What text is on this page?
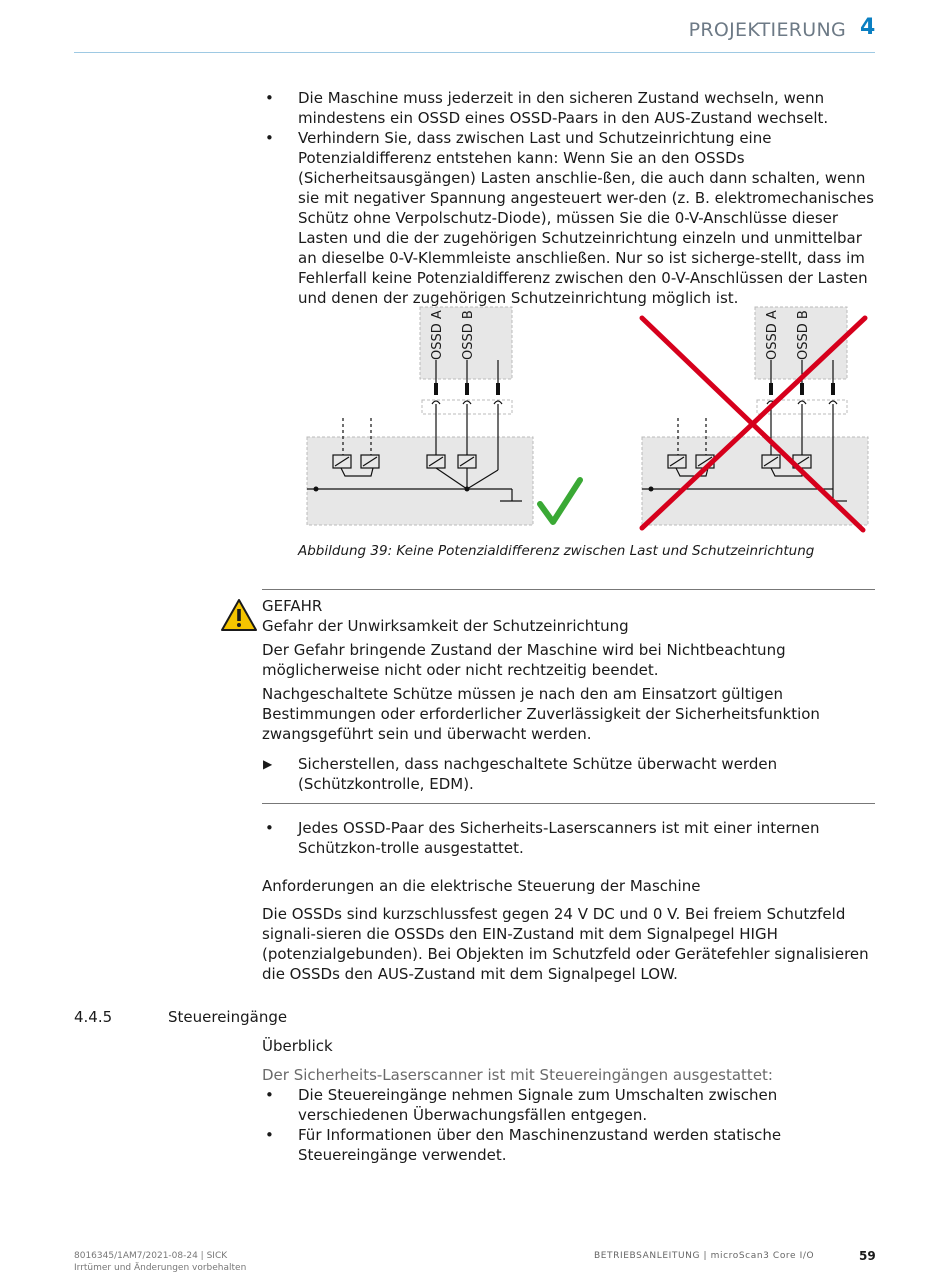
PROJEKTIERUNG 4
• Die Maschine muss jederzeit in den sicheren Zustand wechseln, wenn mindestens ein OSSD eines OSSD-Paars in den AUS-Zustand wechselt.
• Verhindern Sie, dass zwischen Last und Schutzeinrichtung eine Potenzialdifferenz entstehen kann: Wenn Sie an den OSSDs (Sicherheitsausgängen) Lasten anschlie-ßen, die auch dann schalten, wenn sie mit negativer Spannung angesteuert wer-den (z. B. elektromechanisches Schütz ohne Verpolschutz-Diode), müssen Sie die 0-V-Anschlüsse dieser Lasten und die der zugehörigen Schutzeinrichtung einzeln und unmittelbar an dieselbe 0-V-Klemmleiste anschließen. Nur so ist sicherge-stellt, dass im Fehlerfall keine Potenzialdifferenz zwischen den 0-V-Anschlüssen der Lasten und denen der zugehörigen Schutzeinrichtung möglich ist.
OSSD A OSSD B	OSSD A OSSD B
Abbildung 39: Keine Potenzialdifferenz zwischen Last und Schutzeinrichtung
GEFAHR
Gefahr der Unwirksamkeit der Schutzeinrichtung
Der Gefahr bringende Zustand der Maschine wird bei Nichtbeachtung möglicherweise nicht oder nicht rechtzeitig beendet.
Nachgeschaltete Schütze müssen je nach den am Einsatzort gültigen Bestimmungen oder erforderlicher Zuverlässigkeit der Sicherheitsfunktion zwangsgeführt sein und überwacht werden.
▶ Sicherstellen, dass nachgeschaltete Schütze überwacht werden (Schützkontrolle, EDM).
• Jedes OSSD-Paar des Sicherheits-Laserscanners ist mit einer internen Schützkon-trolle ausgestattet.
Anforderungen an die elektrische Steuerung der Maschine
Die OSSDs sind kurzschlussfest gegen 24 V DC und 0 V. Bei freiem Schutzfeld signali-sieren die OSSDs den EIN-Zustand mit dem Signalpegel HIGH (potenzialgebunden). Bei Objekten im Schutzfeld oder Gerätefehler signalisieren die OSSDs den AUS-Zustand mit dem Signalpegel LOW.
4.4.5	Steuereingänge
Überblick
Der Sicherheits-Laserscanner ist mit Steuereingängen ausgestattet:
• Die Steuereingänge nehmen Signale zum Umschalten zwischen verschiedenen Überwachungsfällen entgegen.
• Für Informationen über den Maschinenzustand werden statische Steuereingänge verwendet.
8016345/1AM7/2021-08-24 | SICK
Irrtümer und Änderungen vorbehalten
BETRIEBSANLEITUNG | microScan3 Core I/O	59
